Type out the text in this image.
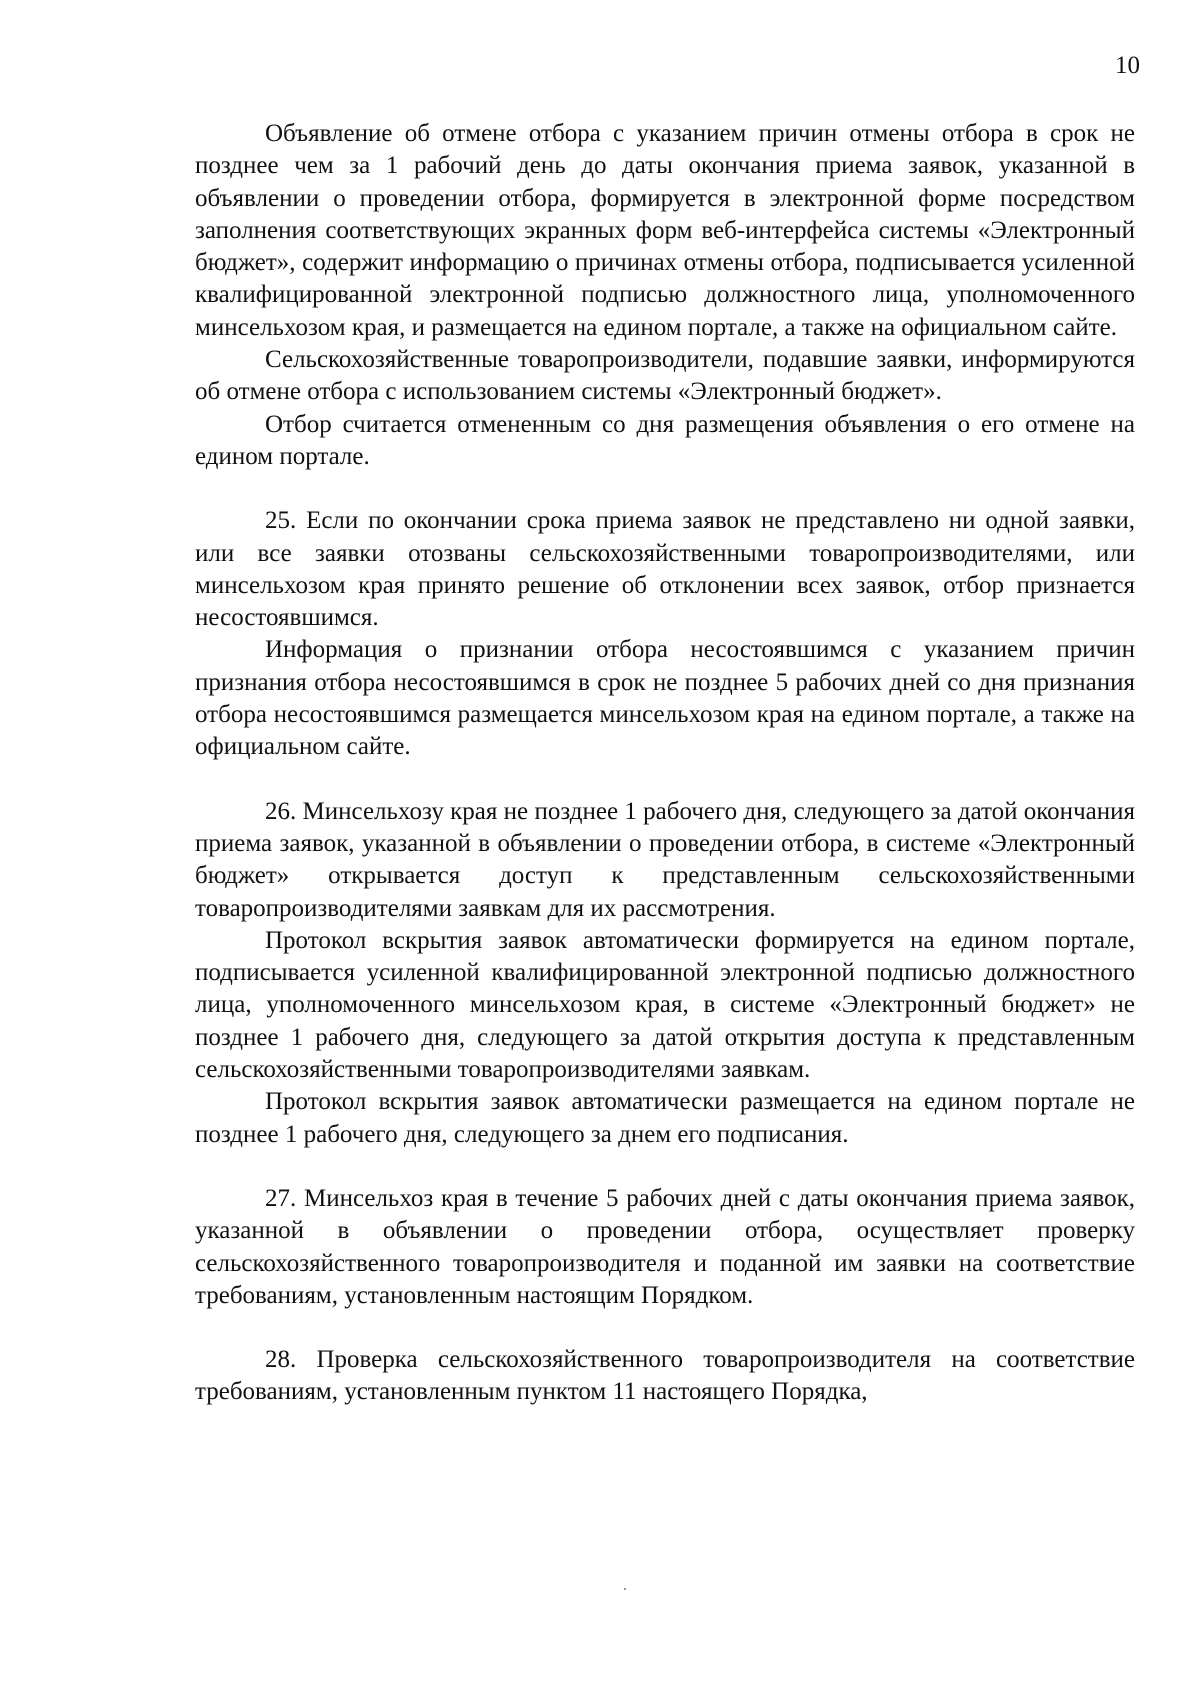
10

Объявление об отмене отбора с указанием причин отмены отбора в срок не позднее чем за 1 рабочий день до даты окончания приема заявок, указанной в объявлении о проведении отбора, формируется в электронной форме посредством заполнения соответствующих экранных форм веб-интерфейса системы «Электронный бюджет», содержит информацию о причинах отмены отбора, подписывается усиленной квалифицированной электронной подписью должностного лица, уполномоченного минсельхозом края, и размещается на едином портале, а также на официальном сайте.

Сельскохозяйственные товаропроизводители, подавшие заявки, информируются об отмене отбора с использованием системы «Электронный бюджет».

Отбор считается отмененным со дня размещения объявления о его отмене на едином портале.

25. Если по окончании срока приема заявок не представлено ни одной заявки, или все заявки отозваны сельскохозяйственными товаропроизводителями, или минсельхозом края принято решение об отклонении всех заявок, отбор признается несостоявшимся.

Информация о признании отбора несостоявшимся с указанием причин признания отбора несостоявшимся в срок не позднее 5 рабочих дней со дня признания отбора несостоявшимся размещается минсельхозом края на едином портале, а также на официальном сайте.

26. Минсельхозу края не позднее 1 рабочего дня, следующего за датой окончания приема заявок, указанной в объявлении о проведении отбора, в системе «Электронный бюджет» открывается доступ к представленным сельскохозяйственными товаропроизводителями заявкам для их рассмотрения.

Протокол вскрытия заявок автоматически формируется на едином портале, подписывается усиленной квалифицированной электронной подписью должностного лица, уполномоченного минсельхозом края, в системе «Электронный бюджет» не позднее 1 рабочего дня, следующего за датой открытия доступа к представленным сельскохозяйственными товаропроизводителями заявкам.

Протокол вскрытия заявок автоматически размещается на едином портале не позднее 1 рабочего дня, следующего за днем его подписания.

27. Минсельхоз края в течение 5 рабочих дней с даты окончания приема заявок, указанной в объявлении о проведении отбора, осуществляет проверку сельскохозяйственного товаропроизводителя и поданной им заявки на соответствие требованиям, установленным настоящим Порядком.

28. Проверка сельскохозяйственного товаропроизводителя на соответствие требованиям, установленным пунктом 11 настоящего Порядка,
